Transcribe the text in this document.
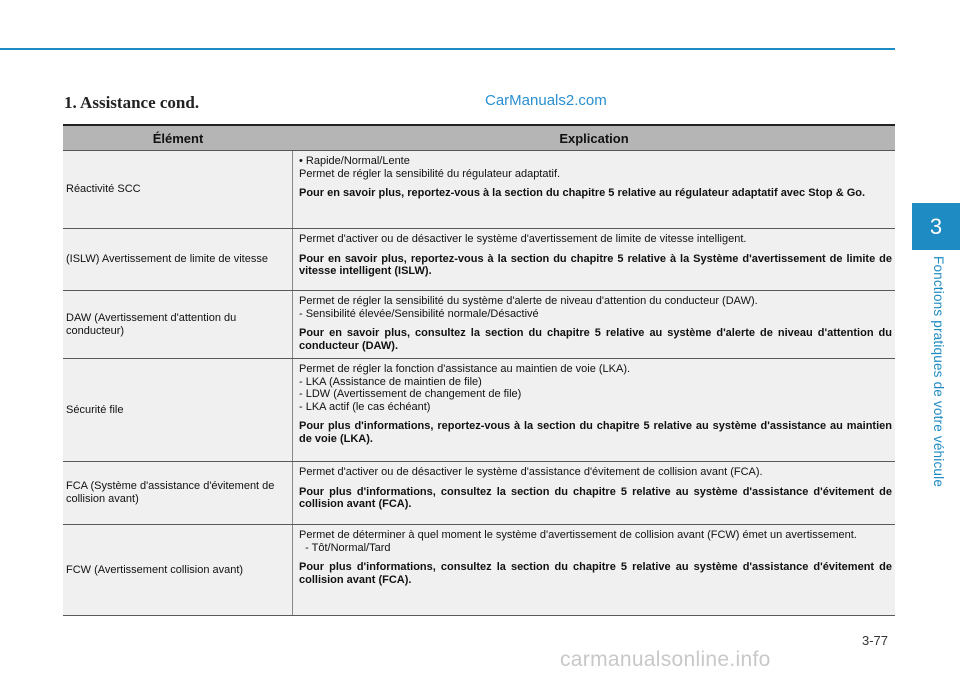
1. Assistance cond.	CarManuals2.com
3
Fonctions pratiques de votre véhicule
Élément	Explication
Réactivité SCC
• Rapide/Normal/Lente
Permet de régler la sensibilité du régulateur adaptatif.
Pour en savoir plus, reportez-vous à la section du chapitre 5 relative au régulateur adaptatif avec Stop & Go.
(ISLW) Avertissement de limite de vitesse
Permet d'activer ou de désactiver le système d'avertissement de limite de vitesse intelligent.
Pour en savoir plus, reportez-vous à la section du chapitre 5 relative à la Système d'avertissement de limite de vitesse intelligent (ISLW).
DAW (Avertissement d'attention du conducteur)
Permet de régler la sensibilité du système d'alerte de niveau d'attention du conducteur (DAW).
- Sensibilité élevée/Sensibilité normale/Désactivé
Pour en savoir plus, consultez la section du chapitre 5 relative au système d'alerte de niveau d'attention du conducteur (DAW).
Sécurité file
Permet de régler la fonction d'assistance au maintien de voie (LKA).
- LKA (Assistance de maintien de file)
- LDW (Avertissement de changement de file)
- LKA actif (le cas échéant)
Pour plus d'informations, reportez-vous à la section du chapitre 5 relative au système d'assistance au maintien de voie (LKA).
FCA (Système d'assistance d'évitement de collision avant)
Permet d'activer ou de désactiver le système d'assistance d'évitement de collision avant (FCA).
Pour plus d'informations, consultez la section du chapitre 5 relative au système d'assistance d'évitement de collision avant (FCA).
FCW (Avertissement collision avant)
Permet de déterminer à quel moment le système d'avertissement de collision avant (FCW) émet un avertissement.
- Tôt/Normal/Tard
Pour plus d'informations, consultez la section du chapitre 5 relative au système d'assistance d'évitement de collision avant (FCA).
3-77
carmanualsonline.info
